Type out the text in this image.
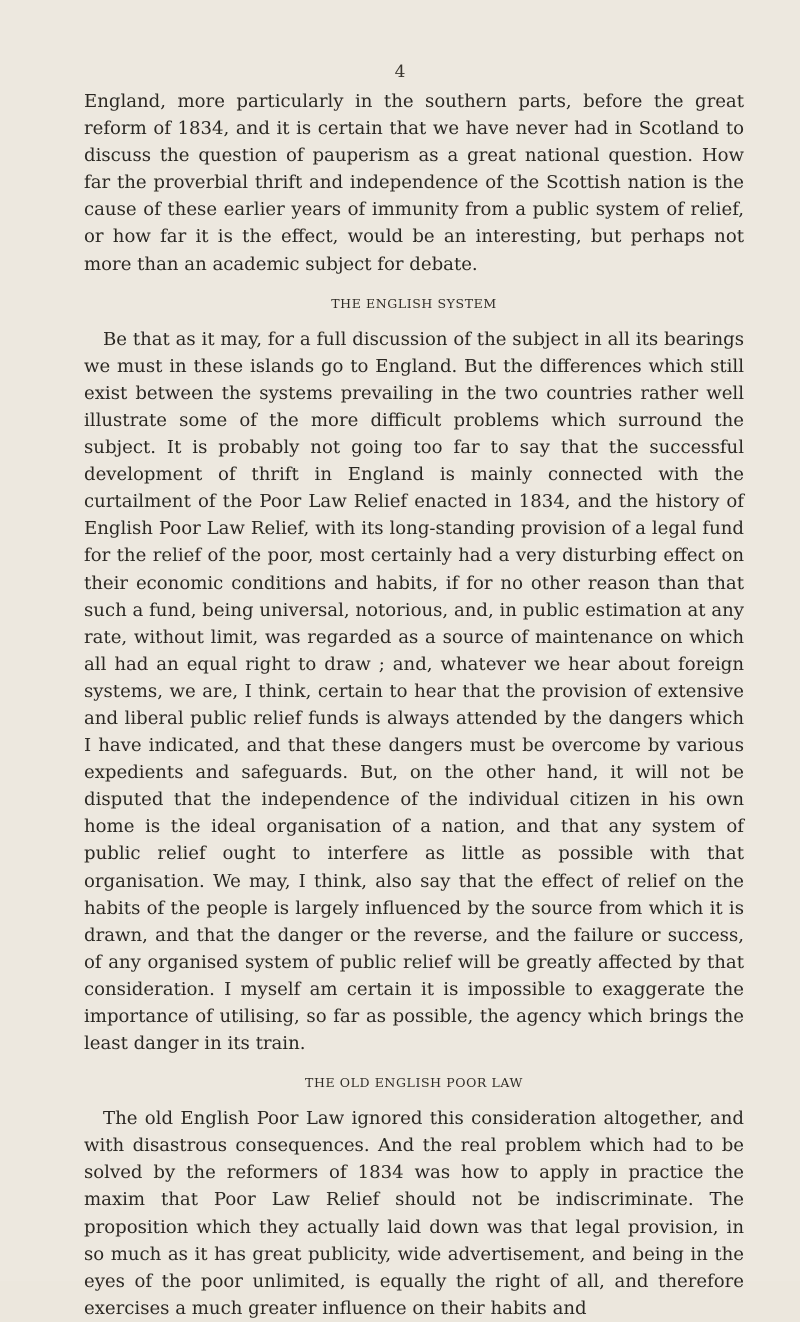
4

England, more particularly in the southern parts, before the great reform of 1834, and it is certain that we have never had in Scotland to discuss the question of pauperism as a great national question. How far the proverbial thrift and independence of the Scottish nation is the cause of these earlier years of immunity from a public system of relief, or how far it is the effect, would be an interesting, but perhaps not more than an academic subject for debate.

THE ENGLISH SYSTEM

Be that as it may, for a full discussion of the subject in all its bearings we must in these islands go to England. But the differences which still exist between the systems prevailing in the two countries rather well illustrate some of the more difficult problems which surround the subject. It is probably not going too far to say that the successful development of thrift in England is mainly connected with the curtailment of the Poor Law Relief enacted in 1834, and the history of English Poor Law Relief, with its long-standing provision of a legal fund for the relief of the poor, most certainly had a very disturbing effect on their economic conditions and habits, if for no other reason than that such a fund, being universal, notorious, and, in public estimation at any rate, without limit, was regarded as a source of maintenance on which all had an equal right to draw ; and, whatever we hear about foreign systems, we are, I think, certain to hear that the provision of extensive and liberal public relief funds is always attended by the dangers which I have indicated, and that these dangers must be overcome by various expedients and safeguards. But, on the other hand, it will not be disputed that the independence of the individual citizen in his own home is the ideal organisation of a nation, and that any system of public relief ought to interfere as little as possible with that organisation. We may, I think, also say that the effect of relief on the habits of the people is largely influenced by the source from which it is drawn, and that the danger or the reverse, and the failure or success, of any organised system of public relief will be greatly affected by that consideration. I myself am certain it is impossible to exaggerate the importance of utilising, so far as possible, the agency which brings the least danger in its train.

THE OLD ENGLISH POOR LAW

The old English Poor Law ignored this consideration altogether, and with disastrous consequences. And the real problem which had to be solved by the reformers of 1834 was how to apply in practice the maxim that Poor Law Relief should not be indiscriminate. The proposition which they actually laid down was that legal provision, in so much as it has great publicity, wide advertisement, and being in the eyes of the poor unlimited, is equally the right of all, and therefore exercises a much greater influence on their habits and
